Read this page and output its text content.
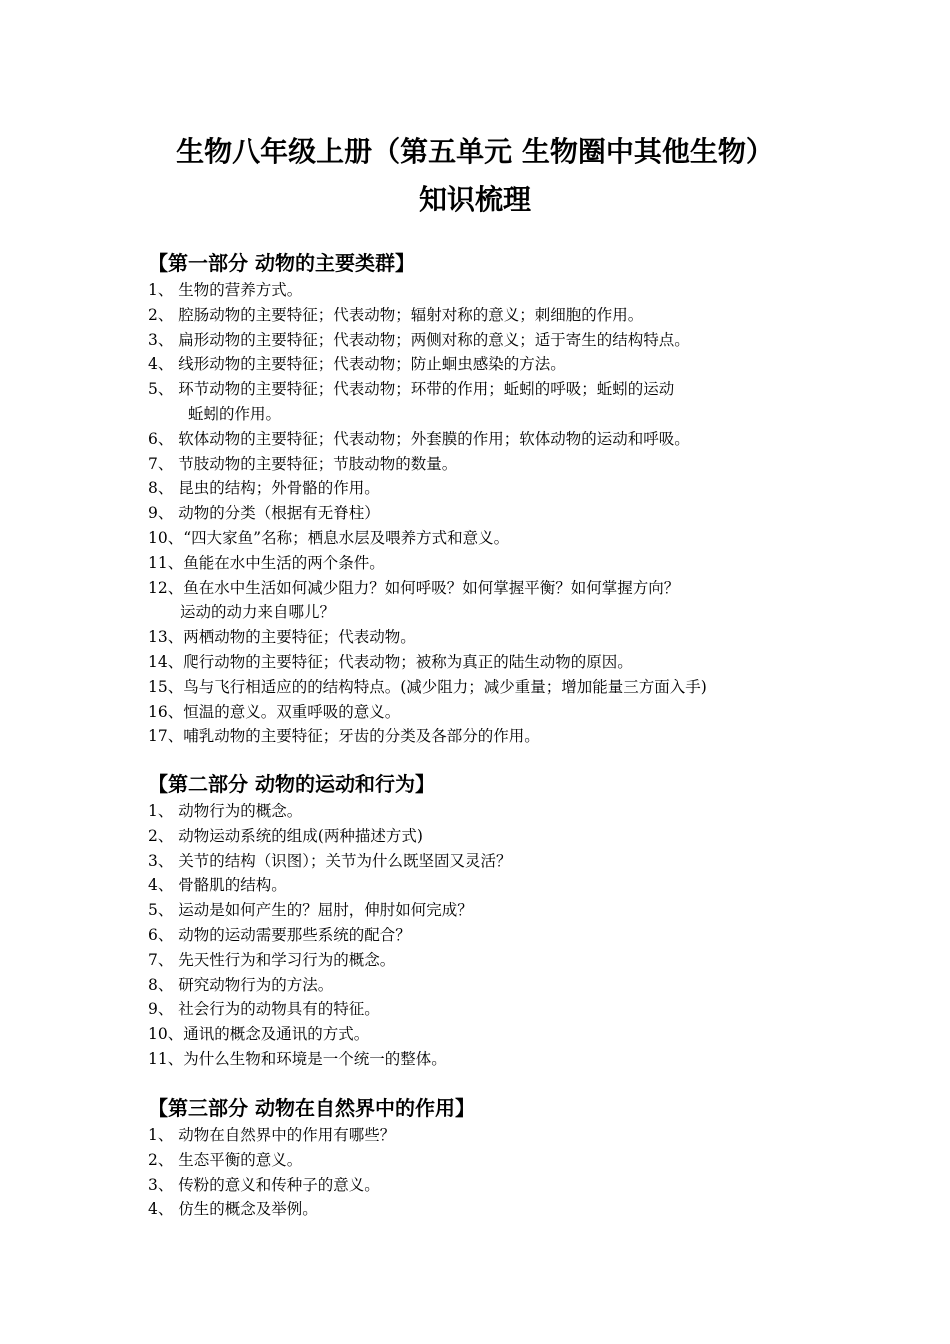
生物八年级上册（第五单元 生物圈中其他生物）
知识梳理
【第一部分 动物的主要类群】
1、 生物的营养方式。
2、 腔肠动物的主要特征；代表动物；辐射对称的意义；刺细胞的作用。
3、 扁形动物的主要特征；代表动物；两侧对称的意义；适于寄生的结构特点。
4、 线形动物的主要特征；代表动物；防止蛔虫感染的方法。
5、 环节动物的主要特征；代表动物；环带的作用；蚯蚓的呼吸；蚯蚓的运动
蚯蚓的作用。
6、 软体动物的主要特征；代表动物；外套膜的作用；软体动物的运动和呼吸。
7、 节肢动物的主要特征；节肢动物的数量。
8、 昆虫的结构；外骨骼的作用。
9、 动物的分类（根据有无脊柱）
10、“四大家鱼”名称；栖息水层及喂养方式和意义。
11、鱼能在水中生活的两个条件。
12、鱼在水中生活如何减少阻力？如何呼吸？如何掌握平衡？如何掌握方向？
运动的动力来自哪儿？
13、两栖动物的主要特征；代表动物。
14、爬行动物的主要特征；代表动物；被称为真正的陆生动物的原因。
15、鸟与飞行相适应的的结构特点。(减少阻力；减少重量；增加能量三方面入手)
16、恒温的意义。双重呼吸的意义。
17、哺乳动物的主要特征；牙齿的分类及各部分的作用。
【第二部分 动物的运动和行为】
1、 动物行为的概念。
2、 动物运动系统的组成(两种描述方式)
3、 关节的结构（识图）；关节为什么既坚固又灵活？
4、 骨骼肌的结构。
5、 运动是如何产生的？屈肘，伸肘如何完成？
6、 动物的运动需要那些系统的配合？
7、 先天性行为和学习行为的概念。
8、 研究动物行为的方法。
9、 社会行为的动物具有的特征。
10、通讯的概念及通讯的方式。
11、为什么生物和环境是一个统一的整体。
【第三部分 动物在自然界中的作用】
1、 动物在自然界中的作用有哪些？
2、 生态平衡的意义。
3、 传粉的意义和传种子的意义。
4、 仿生的概念及举例。
